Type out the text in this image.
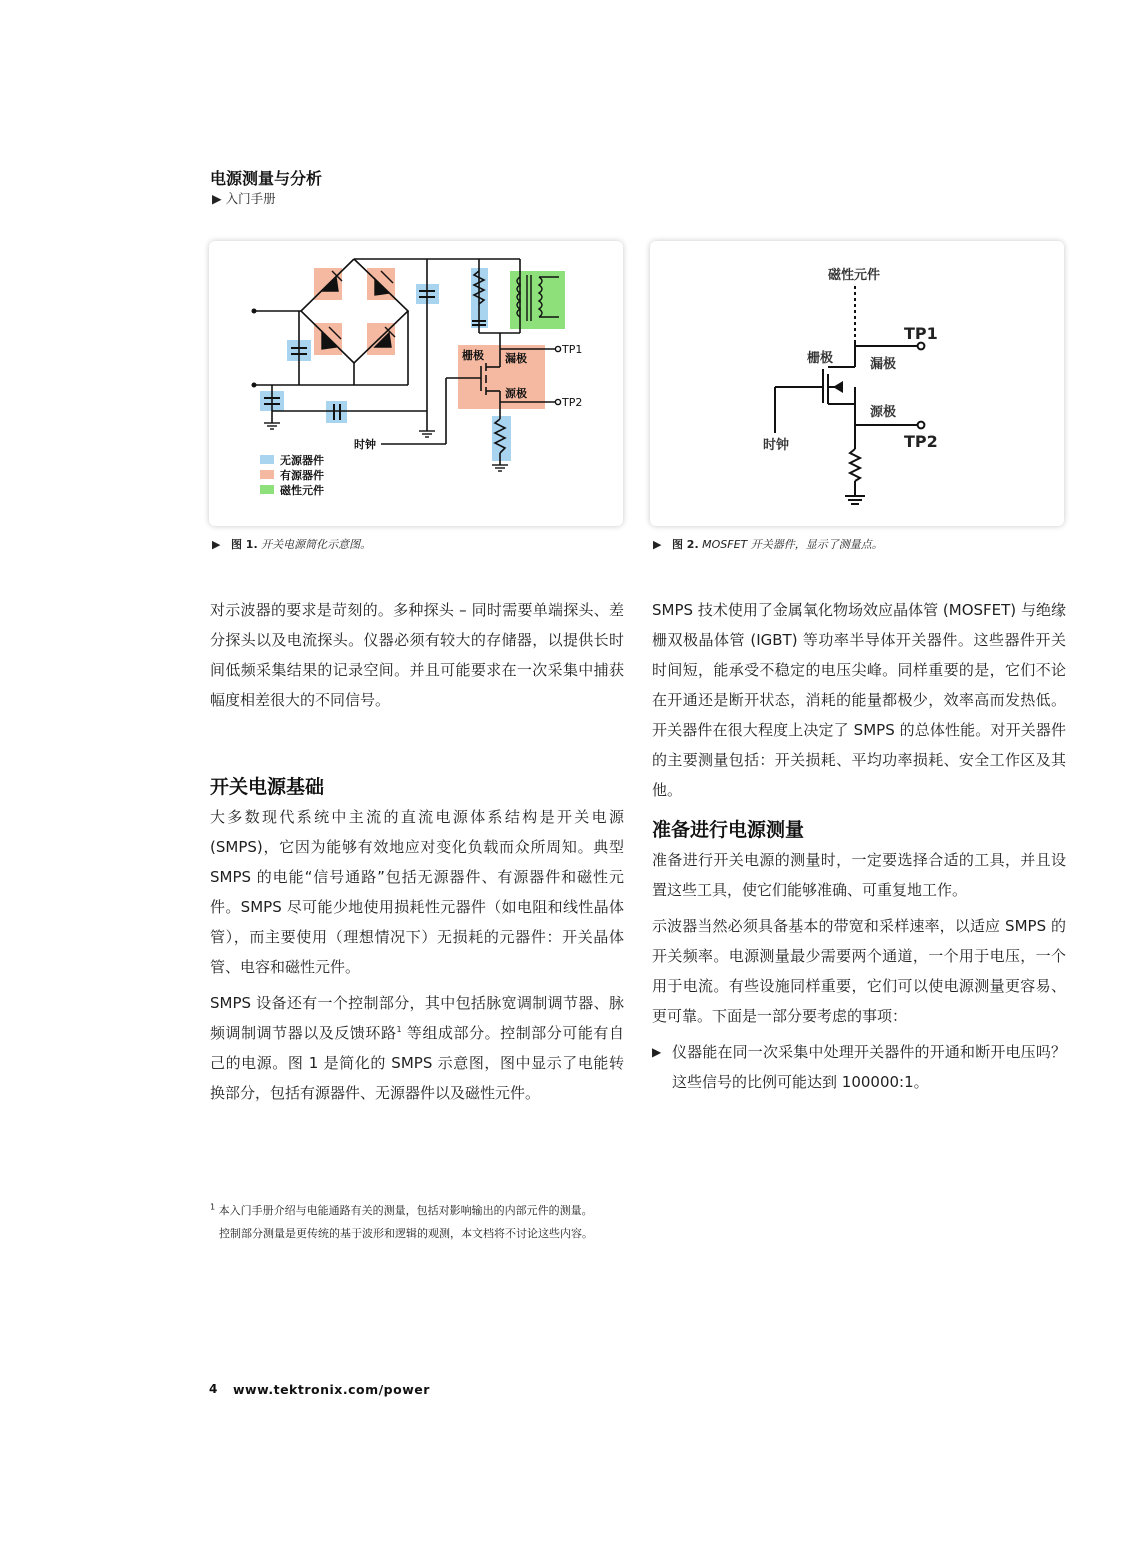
电源测量与分析
▶ 入门手册
栅极 漏极
源极
TP1
TP2
时钟
无源器件
有源器件
磁性元件
▶ 图 1. 开关电源简化示意图。
磁性元件
TP1
栅极	漏极
源极
时钟	TP2
▶ 图 2. MOSFET 开关器件，显示了测量点。

对示波器的要求是苛刻的。多种探头 – 同时需要单端探头、差分探头以及电流探头。仪器必须有较大的存储器，以提供长时间低频采集结果的记录空间。并且可能要求在一次采集中捕获幅度相差很大的不同信号。

开关电源基础

大多数现代系统中主流的直流电源体系结构是开关电源 (SMPS)，它因为能够有效地应对变化负载而众所周知。典型 SMPS 的电能“信号通路”包括无源器件、有源器件和磁性元件。SMPS 尽可能少地使用损耗性元器件（如电阻和线性晶体管），而主要使用（理想情况下）无损耗的元器件：开关晶体管、电容和磁性元件。

SMPS 设备还有一个控制部分，其中包括脉宽调制调节器、脉频调制调节器以及反馈环路$^1$ 等组成部分。控制部分可能有自己的电源。图 1 是简化的 SMPS 示意图，图中显示了电能转换部分，包括有源器件、无源器件以及磁性元件。

SMPS 技术使用了金属氧化物场效应晶体管 (MOSFET) 与绝缘栅双极晶体管 (IGBT) 等功率半导体开关器件。这些器件开关时间短，能承受不稳定的电压尖峰。同样重要的是，它们不论在开通还是断开状态，消耗的能量都极少，效率高而发热低。开关器件在很大程度上决定了 SMPS 的总体性能。对开关器件的主要测量包括：开关损耗、平均功率损耗、安全工作区及其他。

准备进行电源测量

准备进行开关电源的测量时，一定要选择合适的工具，并且设置这些工具，使它们能够准确、可重复地工作。

示波器当然必须具备基本的带宽和采样速率，以适应 SMPS 的开关频率。电源测量最少需要两个通道，一个用于电压，一个用于电流。有些设施同样重要，它们可以使电源测量更容易、更可靠。下面是一部分要考虑的事项：

▶ 仪器能在同一次采集中处理开关器件的开通和断开电压吗？这些信号的比例可能达到 100000:1。
$^1$ 本入门手册介绍与电能通路有关的测量，包括对影响输出的内部元件的测量。
控制部分测量是更传统的基于波形和逻辑的观测，本文档将不讨论这些内容。
4 www.tektronix.com/power
